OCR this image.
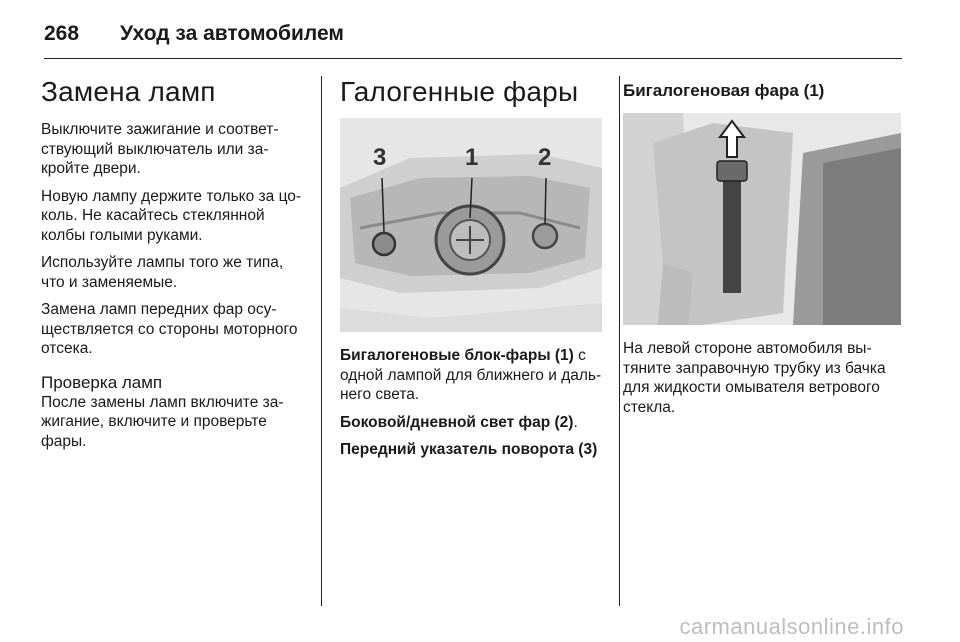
268 Уход за автомобилем
Замена ламп

Выключите зажигание и соответствующий выключатель или закройте двери.

Новую лампу держите только за цоколь. Не касайтесь стеклянной колбы голыми руками.

Используйте лампы того же типа, что и заменяемые.

Замена ламп передних фар осуществляется со стороны моторного отсека.

Проверка ламп

После замены ламп включите зажигание, включите и проверьте фары.

Галогенные фары
3	1 2

Бигалогеновые блок-фары (1) с одной лампой для ближнего и дальнего света.

Боковой/дневной свет фар (2).

Передний указатель поворота (3)

Бигалогеновая фара (1)

На левой стороне автомобиля вытяните заправочную трубку из бачка для жидкости омывателя ветрового стекла.

carmanualsonline.info
